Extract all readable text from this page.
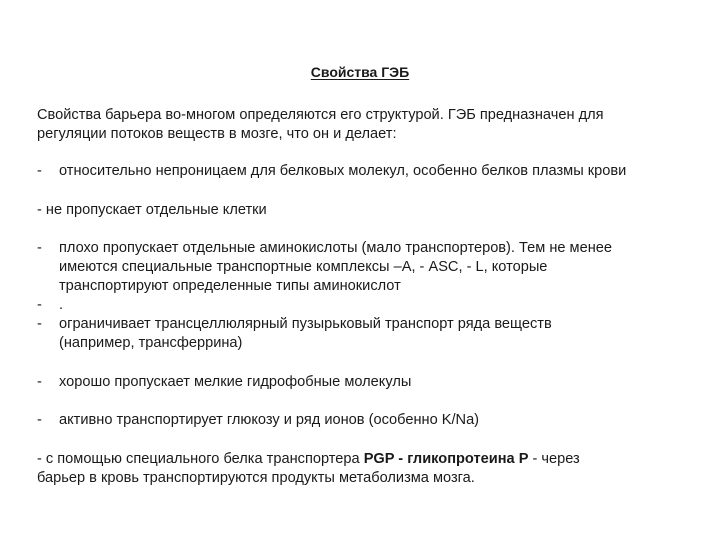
Свойства ГЭБ
Свойства барьера во-многом определяются его структурой. ГЭБ предназначен для
регуляции потоков веществ в мозге, что он и делает:
-	относительно непроницаем для белковых молекул, особенно белков плазмы крови
- не пропускает отдельные клетки
-	плохо пропускает отдельные аминокислоты (мало транспортеров). Тем не менее
имеются специальные транспортные комплексы –А, - ASC, - L, которые
транспортируют определенные типы аминокислот
-	.
-	ограничивает трансцеллюлярный пузырьковый транспорт ряда веществ
(например, трансферрина)
-	хорошо пропускает мелкие гидрофобные молекулы
-	активно транспортирует глюкозу и ряд ионов (особенно K/Na)
- с помощью специального белка транспортера PGP - гликопротеина P - через
барьер в кровь транспортируются продукты метаболизма мозга.
